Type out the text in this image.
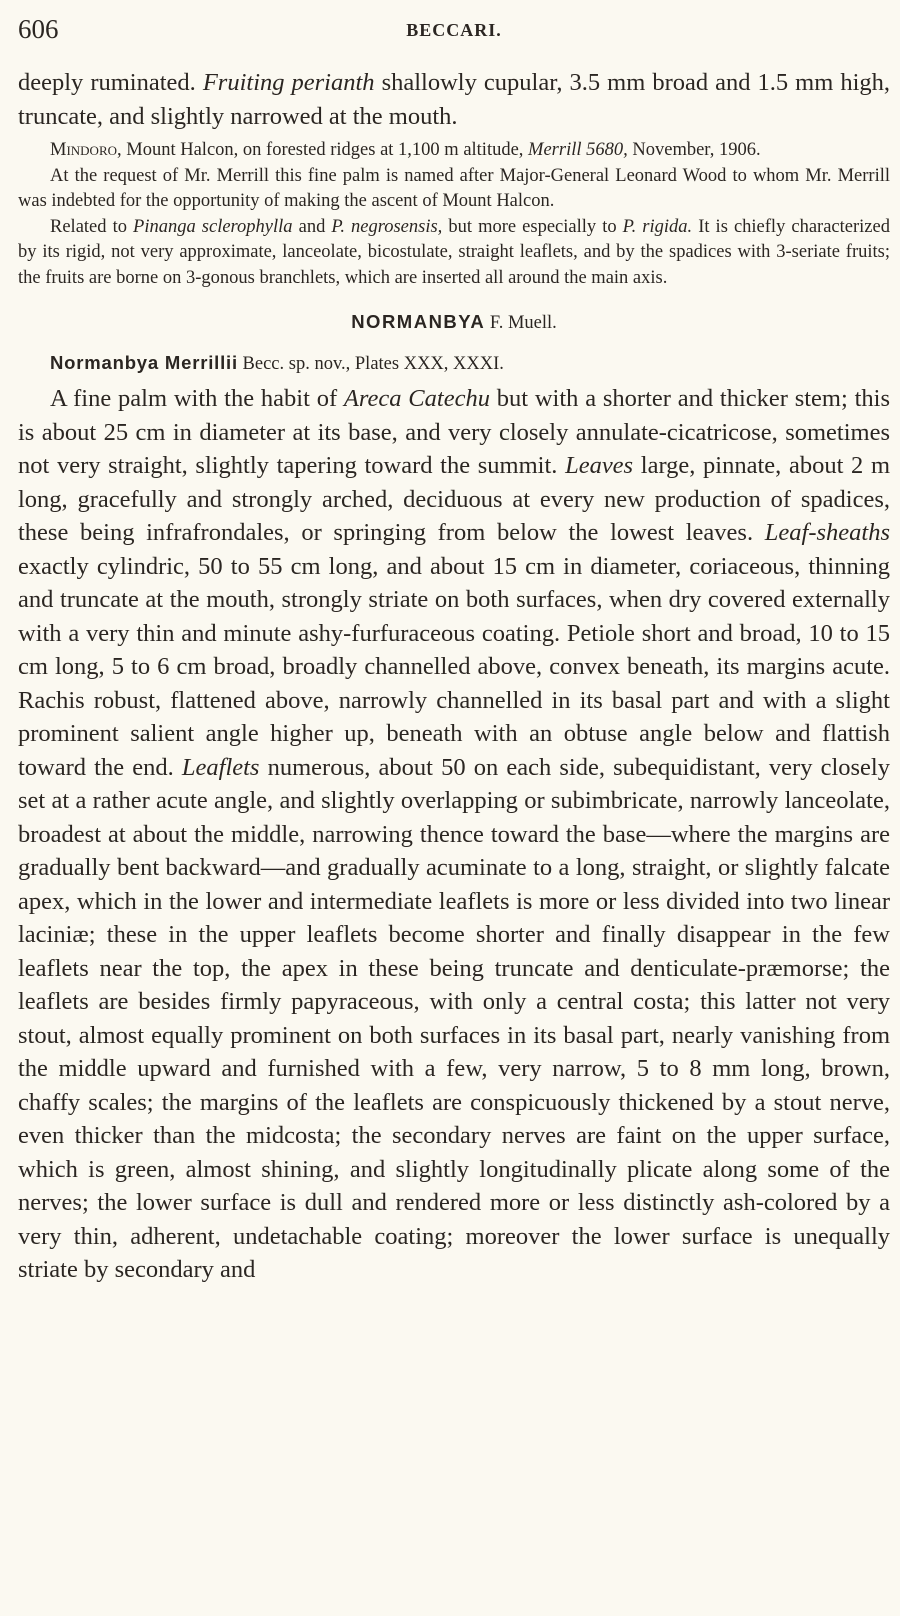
606	BECCARI.

deeply ruminated. Fruiting perianth shallowly cupular, 3.5 mm broad and 1.5 mm high, truncate, and slightly narrowed at the mouth.

Mindoro, Mount Halcon, on forested ridges at 1,100 m altitude, Merrill 5680, November, 1906.

At the request of Mr. Merrill this fine palm is named after Major-General Leonard Wood to whom Mr. Merrill was indebted for the opportunity of making the ascent of Mount Halcon.

Related to Pinanga sclerophylla and P. negrosensis, but more especially to P. rigida. It is chiefly characterized by its rigid, not very approximate, lanceolate, bicostulate, straight leaflets, and by the spadices with 3-seriate fruits; the fruits are borne on 3-gonous branchlets, which are inserted all around the main axis.

NORMANBYA F. Muell.

Normanbya Merrillii Becc. sp. nov., Plates XXX, XXXI.

A fine palm with the habit of Areca Catechu but with a shorter and thicker stem; this is about 25 cm in diameter at its base, and very closely annulate-cicatricose, sometimes not very straight, slightly tapering toward the summit. Leaves large, pinnate, about 2 m long, gracefully and strongly arched, deciduous at every new production of spadices, these being infrafrondales, or springing from below the lowest leaves. Leaf-sheaths exactly cylindric, 50 to 55 cm long, and about 15 cm in diameter, coriaceous, thinning and truncate at the mouth, strongly striate on both surfaces, when dry covered externally with a very thin and minute ashy-furfuraceous coating. Petiole short and broad, 10 to 15 cm long, 5 to 6 cm broad, broadly channelled above, convex beneath, its margins acute. Rachis robust, flattened above, narrowly channelled in its basal part and with a slight prominent salient angle higher up, beneath with an obtuse angle below and flattish toward the end. Leaflets numerous, about 50 on each side, subequidistant, very closely set at a rather acute angle, and slightly overlapping or subimbricate, narrowly lanceolate, broadest at about the middle, narrowing thence toward the base—where the margins are gradually bent backward—and gradually acuminate to a long, straight, or slightly falcate apex, which in the lower and intermediate leaflets is more or less divided into two linear laciniæ; these in the upper leaflets become shorter and finally disappear in the few leaflets near the top, the apex in these being truncate and denticulate-præmorse; the leaflets are besides firmly papyraceous, with only a central costa; this latter not very stout, almost equally prominent on both surfaces in its basal part, nearly vanishing from the middle upward and furnished with a few, very narrow, 5 to 8 mm long, brown, chaffy scales; the margins of the leaflets are conspicuously thickened by a stout nerve, even thicker than the midcosta; the secondary nerves are faint on the upper surface, which is green, almost shining, and slightly longitudinally plicate along some of the nerves; the lower surface is dull and rendered more or less distinctly ash-colored by a very thin, adherent, undetachable coating; moreover the lower surface is unequally striate by secondary and
